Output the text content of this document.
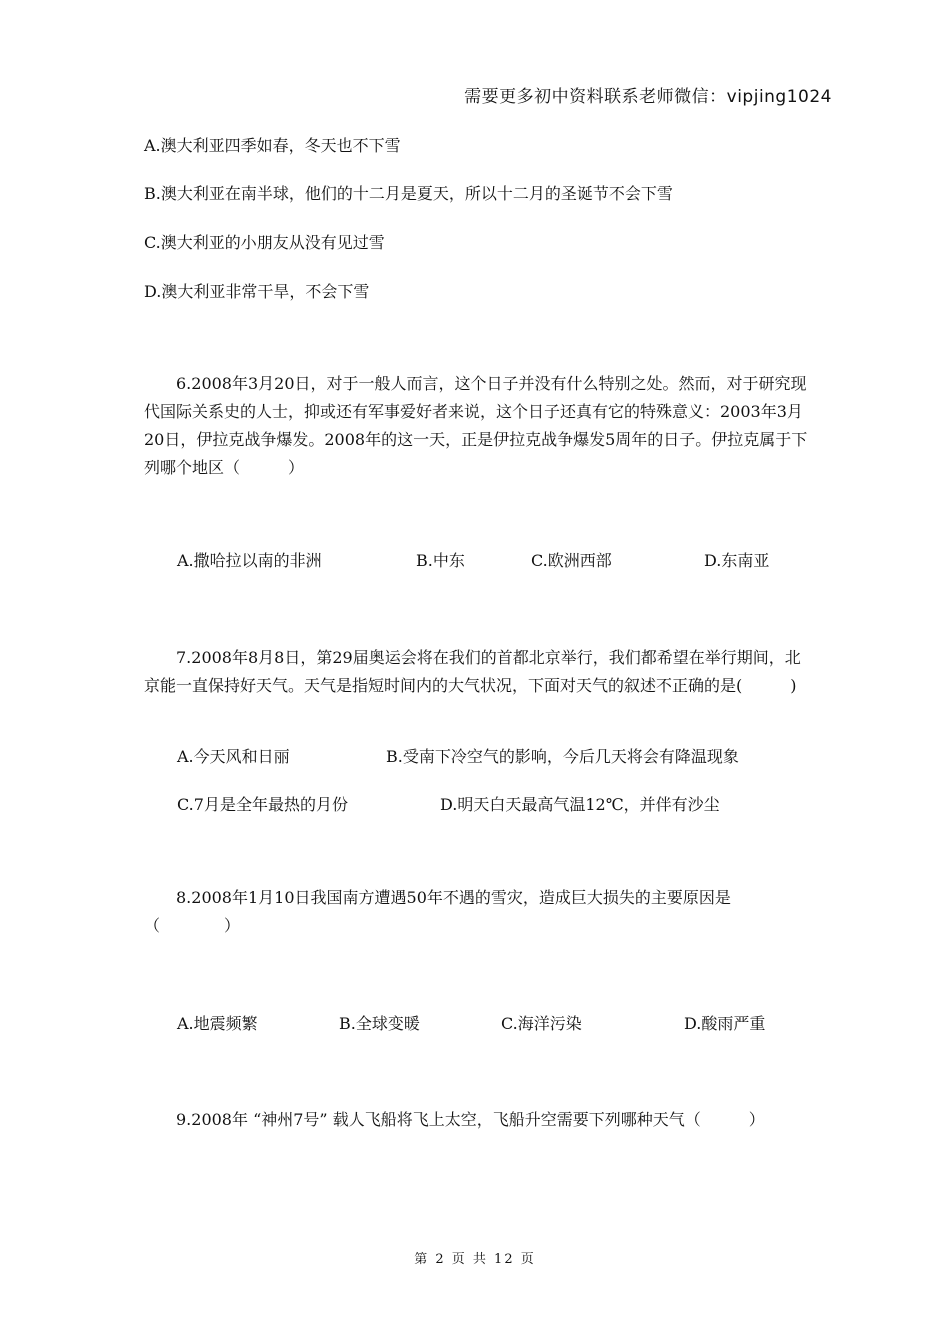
需要更多初中资料联系老师微信：vipjing1024
A.澳大利亚四季如春，冬天也不下雪
B.澳大利亚在南半球，他们的十二月是夏天，所以十二月的圣诞节不会下雪
C.澳大利亚的小朋友从没有见过雪
D.澳大利亚非常干旱，不会下雪

6.2008年3月20日，对于一般人而言，这个日子并没有什么特别之处。然而，对于研究现代国际关系史的人士，抑或还有军事爱好者来说，这个日子还真有它的特殊意义：2003年3月20日，伊拉克战争爆发。2008年的这一天，正是伊拉克战争爆发5周年的日子。伊拉克属于下列哪个地区（　　　）

A.撒哈拉以南的非洲	B.中东	C.欧洲西部	D.东南亚

7.2008年8月8日，第29届奥运会将在我们的首都北京举行，我们都希望在举行期间，北京能一直保持好天气。天气是指短时间内的大气状况，下面对天气的叙述不正确的是(　　　)

A.今天风和日丽	B.受南下冷空气的影响，今后几天将会有降温现象
C.7月是全年最热的月份	D.明天白天最高气温12℃，并伴有沙尘

8.2008年1月10日我国南方遭遇50年不遇的雪灾，造成巨大损失的主要原因是（　　　　）

A.地震频繁	B.全球变暖	C.海洋污染	D.酸雨严重

9.2008年 “神州7号” 载人飞船将飞上太空，飞船升空需要下列哪种天气（　　　）

第 2 页 共 12 页
